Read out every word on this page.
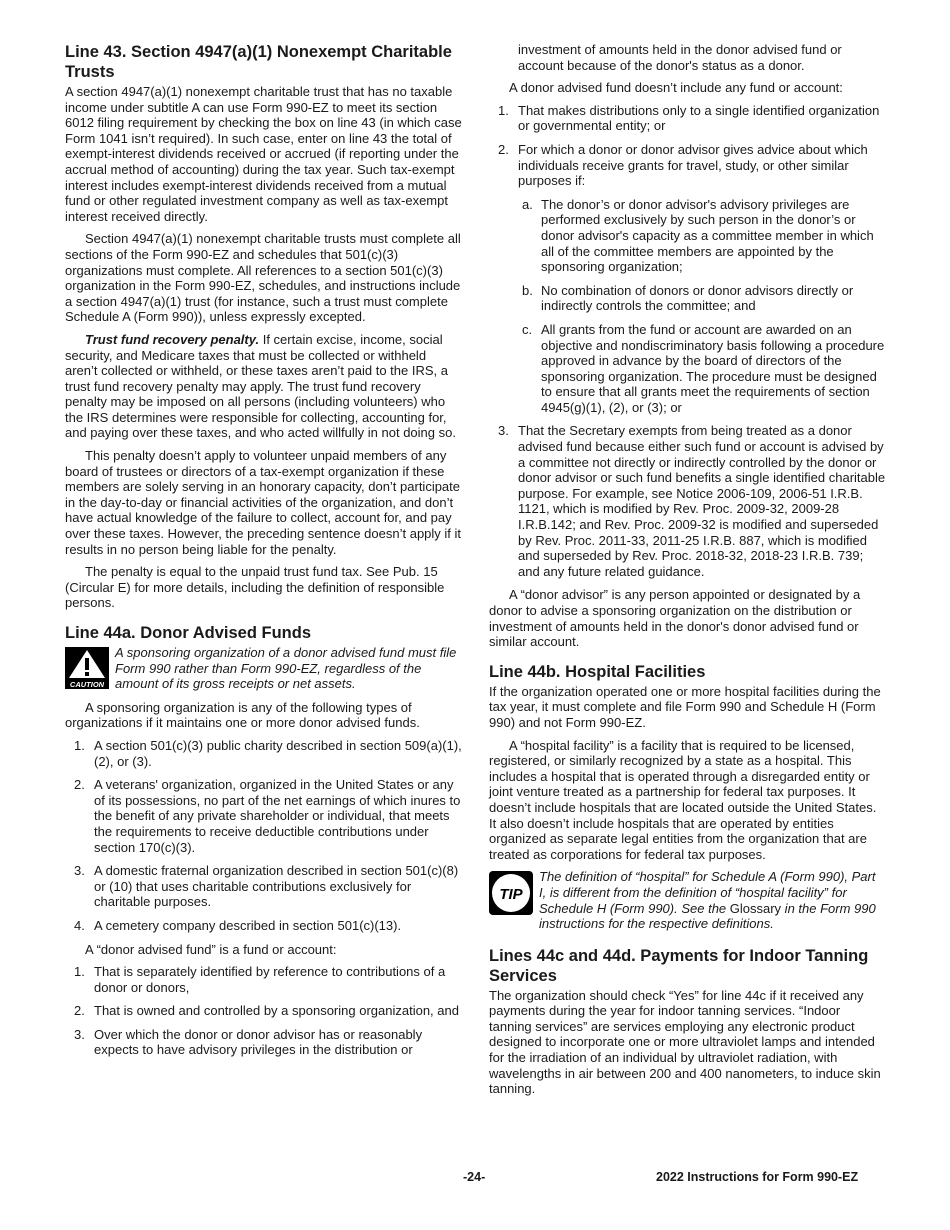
Line 43. Section 4947(a)(1) Nonexempt Charitable Trusts

A section 4947(a)(1) nonexempt charitable trust that has no taxable income under subtitle A can use Form 990-EZ to meet its section 6012 filing requirement by checking the box on line 43 (in which case Form 1041 isn’t required). In such case, enter on line 43 the total of exempt-interest dividends received or accrued (if reporting under the accrual method of accounting) during the tax year. Such tax-exempt interest includes exempt-interest dividends received from a mutual fund or other regulated investment company as well as tax-exempt interest received directly.

Section 4947(a)(1) nonexempt charitable trusts must complete all sections of the Form 990-EZ and schedules that 501(c)(3) organizations must complete. All references to a section 501(c)(3) organization in the Form 990-EZ, schedules, and instructions include a section 4947(a)(1) trust (for instance, such a trust must complete Schedule A (Form 990)), unless expressly excepted.

Trust fund recovery penalty. If certain excise, income, social security, and Medicare taxes that must be collected or withheld aren’t collected or withheld, or these taxes aren’t paid to the IRS, a trust fund recovery penalty may apply. The trust fund recovery penalty may be imposed on all persons (including volunteers) who the IRS determines were responsible for collecting, accounting for, and paying over these taxes, and who acted willfully in not doing so.

This penalty doesn’t apply to volunteer unpaid members of any board of trustees or directors of a tax-exempt organization if these members are solely serving in an honorary capacity, don’t participate in the day-to-day or financial activities of the organization, and don’t have actual knowledge of the failure to collect, account for, and pay over these taxes. However, the preceding sentence doesn’t apply if it results in no person being liable for the penalty.

The penalty is equal to the unpaid trust fund tax. See Pub. 15 (Circular E) for more details, including the definition of responsible persons.

Line 44a. Donor Advised Funds
CAUTION
A sponsoring organization of a donor advised fund must file Form 990 rather than Form 990-EZ, regardless of the amount of its gross receipts or net assets.

A sponsoring organization is any of the following types of organizations if it maintains one or more donor advised funds.

1. A section 501(c)(3) public charity described in section 509(a)(1), (2), or (3).
2. A veterans' organization, organized in the United States or any of its possessions, no part of the net earnings of which inures to the benefit of any private shareholder or individual, that meets the requirements to receive deductible contributions under section 170(c)(3).
3. A domestic fraternal organization described in section 501(c)(8) or (10) that uses charitable contributions exclusively for charitable purposes.
4. A cemetery company described in section 501(c)(13).

A “donor advised fund” is a fund or account:

1. That is separately identified by reference to contributions of a donor or donors,
2. That is owned and controlled by a sponsoring organization, and
3. Over which the donor or donor advisor has or reasonably expects to have advisory privileges in the distribution or

investment of amounts held in the donor advised fund or account because of the donor's status as a donor.

A donor advised fund doesn’t include any fund or account:

1. That makes distributions only to a single identified organization or governmental entity; or
2. For which a donor or donor advisor gives advice about which individuals receive grants for travel, study, or other similar purposes if:
a. The donor’s or donor advisor's advisory privileges are performed exclusively by such person in the donor’s or donor advisor's capacity as a committee member in which all of the committee members are appointed by the sponsoring organization;
b. No combination of donors or donor advisors directly or indirectly controls the committee; and
c. All grants from the fund or account are awarded on an objective and nondiscriminatory basis following a procedure approved in advance by the board of directors of the sponsoring organization. The procedure must be designed to ensure that all grants meet the requirements of section 4945(g)(1), (2), or (3); or
3. That the Secretary exempts from being treated as a donor advised fund because either such fund or account is advised by a committee not directly or indirectly controlled by the donor or donor advisor or such fund benefits a single identified charitable purpose. For example, see Notice 2006-109, 2006-51 I.R.B. 1121, which is modified by Rev. Proc. 2009-32, 2009-28 I.R.B.142; and Rev. Proc. 2009-32 is modified and superseded by Rev. Proc. 2011-33, 2011-25 I.R.B. 887, which is modified and superseded by Rev. Proc. 2018-32, 2018-23 I.R.B. 739; and any future related guidance.

A “donor advisor” is any person appointed or designated by a donor to advise a sponsoring organization on the distribution or investment of amounts held in the donor's donor advised fund or similar account.

Line 44b. Hospital Facilities

If the organization operated one or more hospital facilities during the tax year, it must complete and file Form 990 and Schedule H (Form 990) and not Form 990-EZ.

A “hospital facility” is a facility that is required to be licensed, registered, or similarly recognized by a state as a hospital. This includes a hospital that is operated through a disregarded entity or joint venture treated as a partnership for federal tax purposes. It doesn’t include hospitals that are located outside the United States. It also doesn’t include hospitals that are operated by entities organized as separate legal entities from the organization that are treated as corporations for federal tax purposes.

TIP
The definition of “hospital” for Schedule A (Form 990), Part I, is different from the definition of “hospital facility” for Schedule H (Form 990). See the Glossary in the Form 990 instructions for the respective definitions.
Lines 44c and 44d. Payments for Indoor Tanning Services

The organization should check “Yes” for line 44c if it received any payments during the year for indoor tanning services. “Indoor tanning services” are services employing any electronic product designed to incorporate one or more ultraviolet lamps and intended for the irradiation of an individual by ultraviolet radiation, with wavelengths in air between 200 and 400 nanometers, to induce skin tanning.

-24-	2022 Instructions for Form 990-EZ
